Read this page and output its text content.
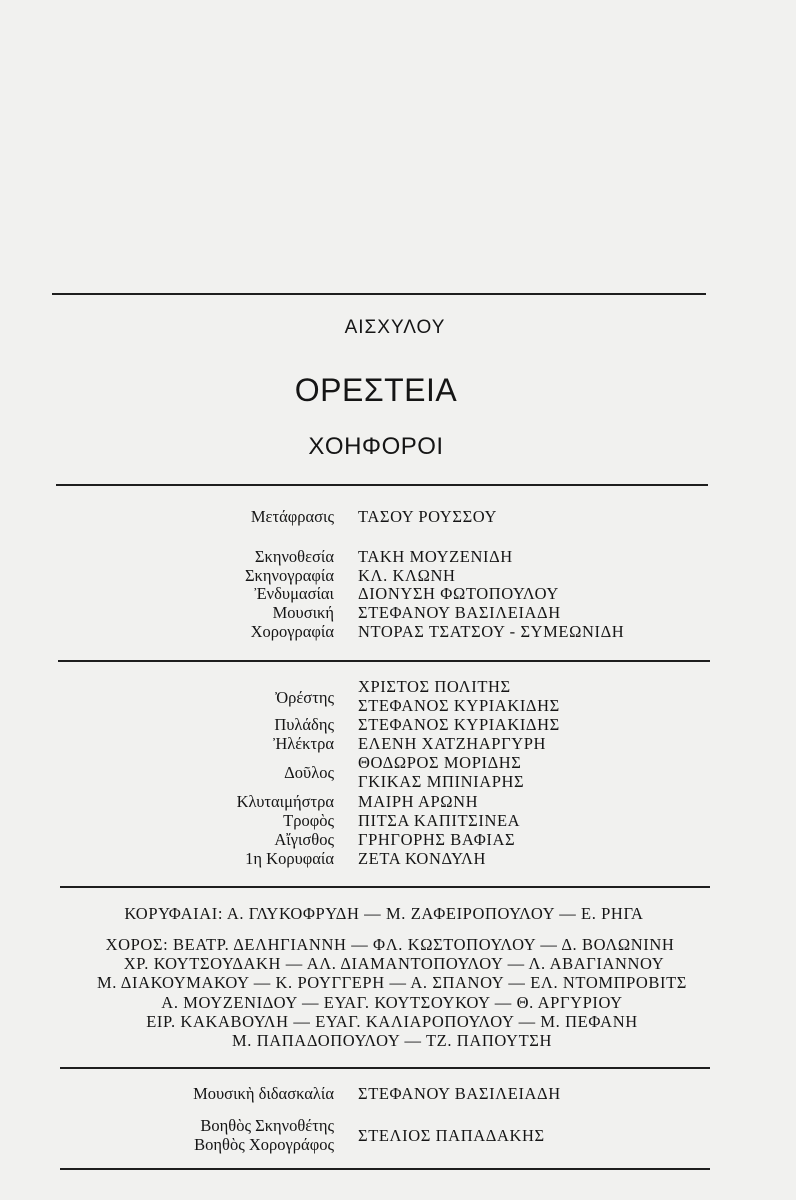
ΑΙΣΧΥΛΟΥ
ΟΡΕΣΤΕΙΑ
ΧΟΗΦΟΡΟΙ
Μετάφρασις ΤΑΣΟΥ ΡΟΥΣΣΟΥ
Σκηνοθεσία ΤΑΚΗ ΜΟΥΖΕΝΙΔΗ
Σκηνογραφία ΚΛ. ΚΛΩΝΗ
Ἐνδυμασίαι ΔΙΟΝΥΣΗ ΦΩΤΟΠΟΥΛΟΥ
Μουσική ΣΤΕΦΑΝΟΥ ΒΑΣΙΛΕΙΑΔΗ
Χορογραφία ΝΤΟΡΑΣ ΤΣΑΤΣΟΥ - ΣΥΜΕΩΝΙΔΗ
Ὀρέστης
ΧΡΙΣΤΟΣ ΠΟΛΙΤΗΣ
ΣΤΕΦΑΝΟΣ ΚΥΡΙΑΚΙΔΗΣ
Πυλάδης ΣΤΕΦΑΝΟΣ ΚΥΡΙΑΚΙΔΗΣ
Ἠλέκτρα ΕΛΕΝΗ ΧΑΤΖΗΑΡΓΥΡΗ
Δοῦλος
ΘΟΔΩΡΟΣ ΜΟΡΙΔΗΣ
ΓΚΙΚΑΣ ΜΠΙΝΙΑΡΗΣ
Κλυταιμήστρα ΜΑΙΡΗ ΑΡΩΝΗ
Τροφὸς ΠΙΤΣΑ ΚΑΠΙΤΣΙΝΕΑ
Αἴγισθος ΓΡΗΓΟΡΗΣ ΒΑΦΙΑΣ
1η Κορυφαία ΖΕΤΑ ΚΟΝΔΥΛΗ
ΚΟΡΥΦΑΙΑΙ: Α. ΓΛΥΚΟΦΡΥΔΗ — Μ. ΖΑΦΕΙΡΟΠΟΥΛΟΥ — Ε. ΡΗΓΑ
ΧΟΡΟΣ: ΒΕΑΤΡ. ΔΕΛΗΓΙΑΝΝΗ — ΦΛ. ΚΩΣΤΟΠΟΥΛΟΥ — Δ. ΒΟΛΩΝΙΝΗ
ΧΡ. ΚΟΥΤΣΟΥΔΑΚΗ — ΑΛ. ΔΙΑΜΑΝΤΟΠΟΥΛΟΥ — Λ. ΑΒΑΓΙΑΝΝΟΥ
Μ. ΔΙΑΚΟΥΜΑΚΟΥ — Κ. ΡΟΥΓΓΕΡΗ — Α. ΣΠΑΝΟΥ — ΕΛ. ΝΤΟΜΠΡΟΒΙΤΣ
Α. ΜΟΥΖΕΝΙΔΟΥ — ΕΥΑΓ. ΚΟΥΤΣΟΥΚΟΥ — Θ. ΑΡΓΥΡΙΟΥ
ΕΙΡ. ΚΑΚΑΒΟΥΛΗ — ΕΥΑΓ. ΚΑΛΙΑΡΟΠΟΥΛΟΥ — Μ. ΠΕΦΑΝΗ
Μ. ΠΑΠΑΔΟΠΟΥΛΟΥ — ΤΖ. ΠΑΠΟΥΤΣΗ
Μουσικὴ διδασκαλία ΣΤΕΦΑΝΟΥ ΒΑΣΙΛΕΙΑΔΗ
Βοηθὸς Σκηνοθέτης
Βοηθὸς Χορογράφος ΣΤΕΛΙΟΣ ΠΑΠΑΔΑΚΗΣ
